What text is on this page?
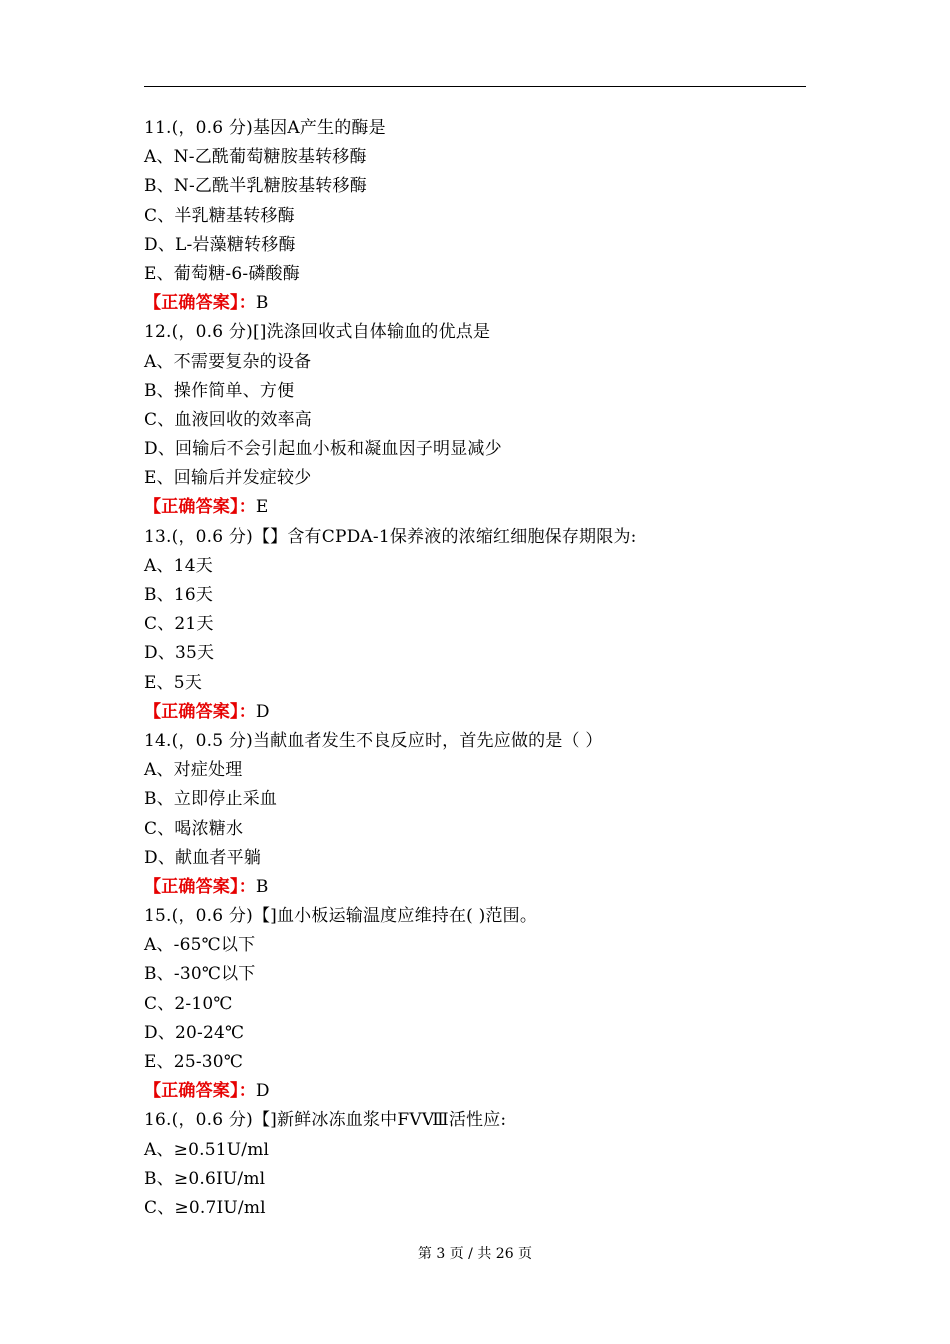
11.(，0.6 分)基因A产生的酶是
A、N-乙酰葡萄糖胺基转移酶
B、N-乙酰半乳糖胺基转移酶
C、半乳糖基转移酶
D、L-岩藻糖转移酶
E、葡萄糖-6-磷酸酶
【正确答案】：B
12.(，0.6 分)[]洗涤回收式自体输血的优点是
A、不需要复杂的设备
B、操作简单、方便
C、血液回收的效率高
D、回输后不会引起血小板和凝血因子明显减少
E、回输后并发症较少
【正确答案】：E
13.(，0.6 分)【】含有CPDA-1保养液的浓缩红细胞保存期限为:
A、14天
B、16天
C、21天
D、35天
E、5天
【正确答案】：D
14.(，0.5 分)当献血者发生不良反应时，首先应做的是（ ）
A、对症处理
B、立即停止采血
C、喝浓糖水
D、献血者平躺
【正确答案】：B
15.(，0.6 分)【]血小板运输温度应维持在( )范围。
A、-65℃以下
B、-30℃以下
C、2-10℃
D、20-24℃
E、25-30℃
【正确答案】：D
16.(，0.6 分)【]新鲜冰冻血浆中FVⅧ活性应:
A、≥0.51U/ml
B、≥0.6IU/ml
C、≥0.7IU/ml
第 3 页 / 共 26 页
